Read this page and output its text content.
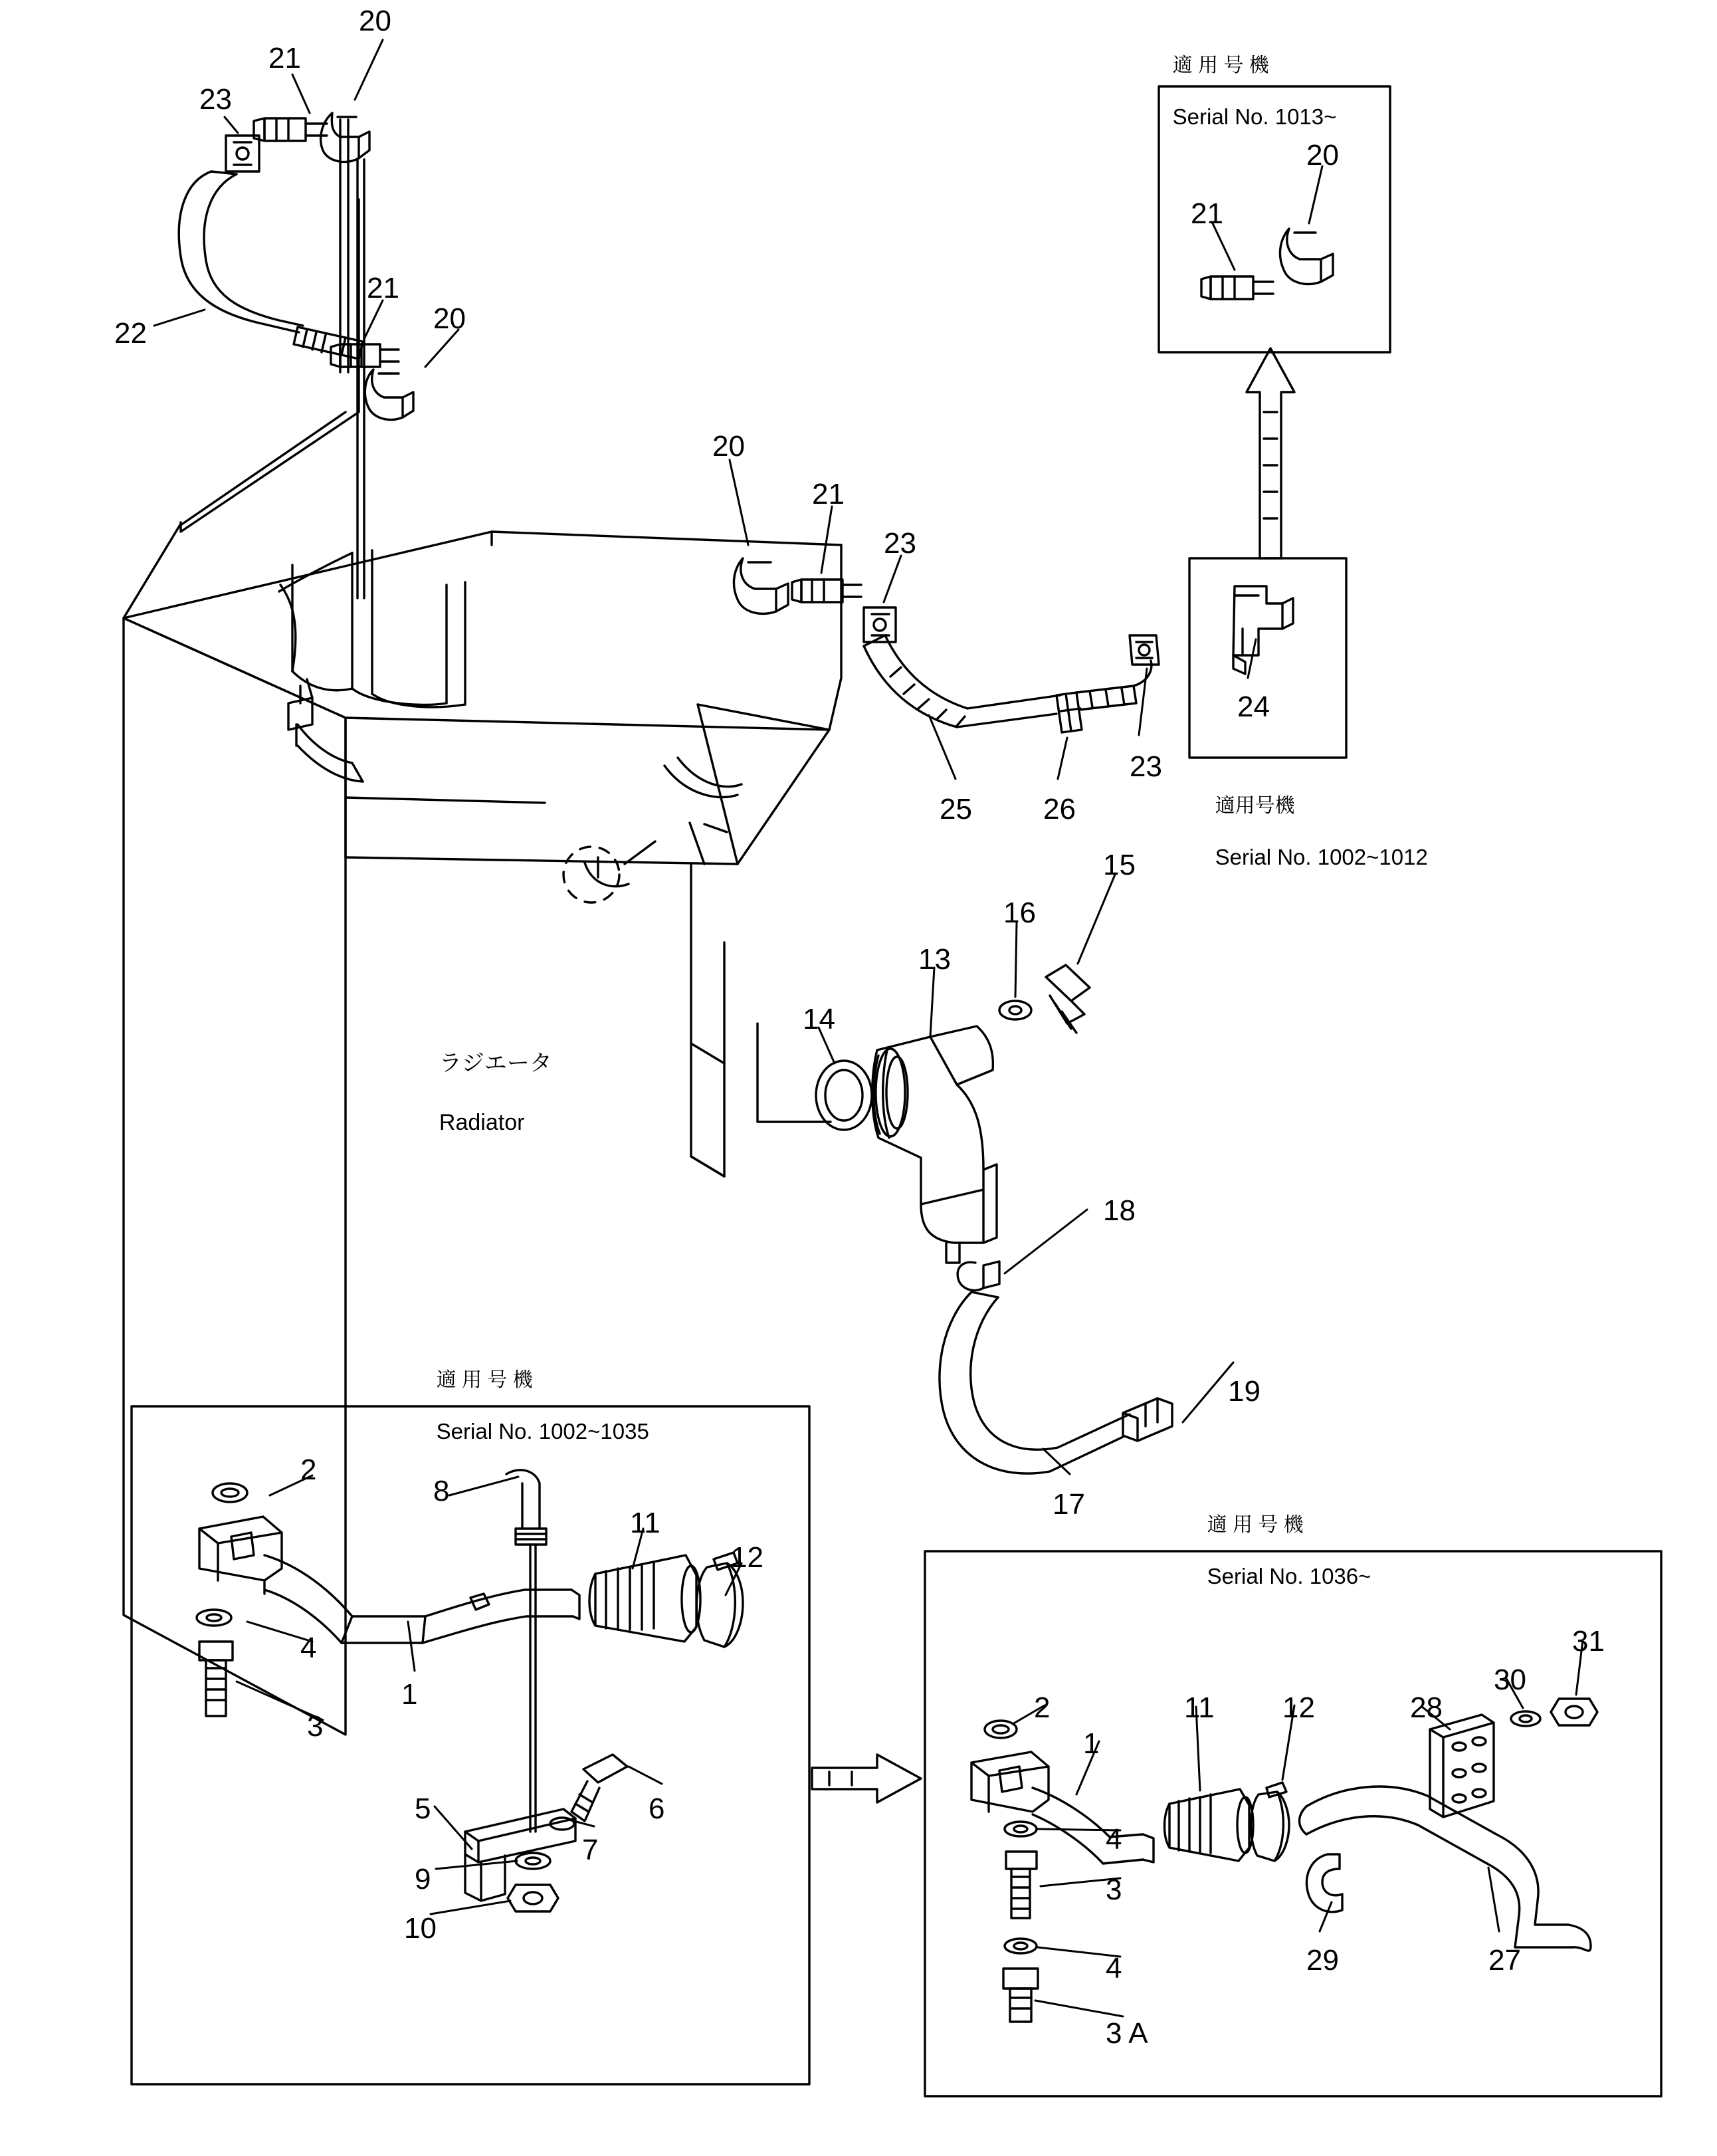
適 用 号 機

Serial No. 1013~

適用号機

Serial No. 1002~1012

適 用 号 機

Serial No. 1002~1035

適 用 号 機

Serial No. 1036~

ラジエータ

Radiator

20
21
23
22
21
20
20
21
23
25 26
23
21
20
24
15
16
13
14
18
19
17
2
8
11
12
4
1
3
5	6
7
9
10
2
1
11 12	28
30
31
4
3
4
3 A
29	27
